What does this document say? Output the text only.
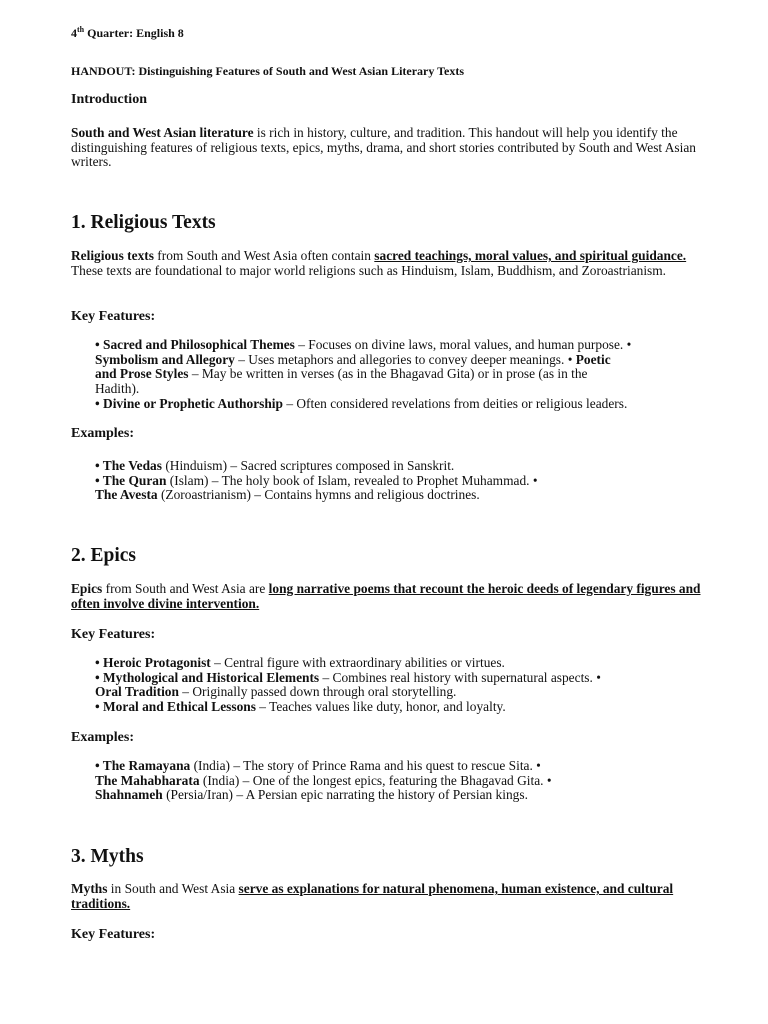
4th Quarter: English 8
HANDOUT: Distinguishing Features of South and West Asian Literary Texts
Introduction
South and West Asian literature is rich in history, culture, and tradition. This handout will help you identify the distinguishing features of religious texts, epics, myths, drama, and short stories contributed by South and West Asian writers.
1. Religious Texts
Religious texts from South and West Asia often contain sacred teachings, moral values, and spiritual guidance. These texts are foundational to major world religions such as Hinduism, Islam, Buddhism, and Zoroastrianism.
Key Features:
• Sacred and Philosophical Themes – Focuses on divine laws, moral values, and human purpose. •
Symbolism and Allegory – Uses metaphors and allegories to convey deeper meanings. • Poetic
and Prose Styles – May be written in verses (as in the Bhagavad Gita) or in prose (as in the
Hadith).
• Divine or Prophetic Authorship – Often considered revelations from deities or religious leaders.
Examples:
• The Vedas (Hinduism) – Sacred scriptures composed in Sanskrit.
• The Quran (Islam) – The holy book of Islam, revealed to Prophet Muhammad. •
The Avesta (Zoroastrianism) – Contains hymns and religious doctrines.
2. Epics
Epics from South and West Asia are long narrative poems that recount the heroic deeds of legendary figures and often involve divine intervention.
Key Features:
• Heroic Protagonist – Central figure with extraordinary abilities or virtues.
• Mythological and Historical Elements – Combines real history with supernatural aspects. •
Oral Tradition – Originally passed down through oral storytelling.
• Moral and Ethical Lessons – Teaches values like duty, honor, and loyalty.
Examples:
• The Ramayana (India) – The story of Prince Rama and his quest to rescue Sita. •
The Mahabharata (India) – One of the longest epics, featuring the Bhagavad Gita. •
Shahnameh (Persia/Iran) – A Persian epic narrating the history of Persian kings.
3. Myths
Myths in South and West Asia serve as explanations for natural phenomena, human existence, and cultural traditions.
Key Features:
